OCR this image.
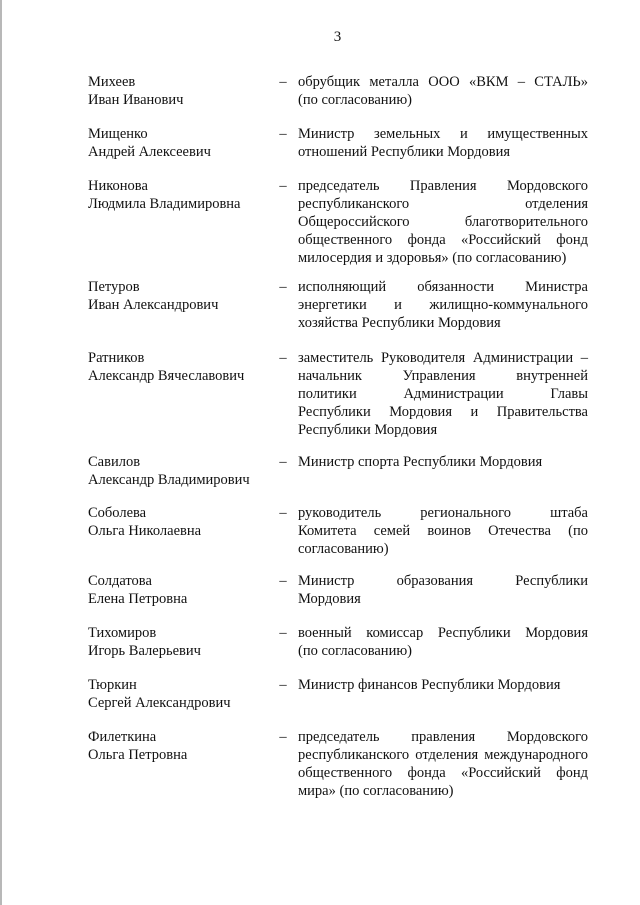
3
Михеев
Иван Иванович
– обрубщик металла ООО «ВКМ – СТАЛЬ»
(по согласованию)
Мищенко
Андрей Алексеевич
– Министр земельных и имущественных
отношений Республики Мордовия
Никонова
Людмила Владимировна
– председатель Правления Мордовского
республиканского отделения
Общероссийского благотворительного
общественного фонда «Российский фонд
милосердия и здоровья» (по согласованию)
Петуров
Иван Александрович
– исполняющий обязанности Министра
энергетики и жилищно-коммунального
хозяйства Республики Мордовия
Ратников
Александр Вячеславович
– заместитель Руководителя Администрации –
начальник Управления внутренней
политики Администрации Главы
Республики Мордовия и Правительства
Республики Мордовия
Савилов
Александр Владимирович
– Министр спорта Республики Мордовия
Соболева
Ольга Николаевна
– руководитель регионального штаба
Комитета семей воинов Отечества (по
согласованию)
Солдатова
Елена Петровна
– Министр образования Республики
Мордовия
Тихомиров
Игорь Валерьевич
– военный комиссар Республики Мордовия
(по согласованию)
Тюркин
Сергей Александрович
– Министр финансов Республики Мордовия
Филеткина
Ольга Петровна
– председатель правления Мордовского
республиканского отделения международного
общественного фонда «Российский фонд
мира» (по согласованию)
